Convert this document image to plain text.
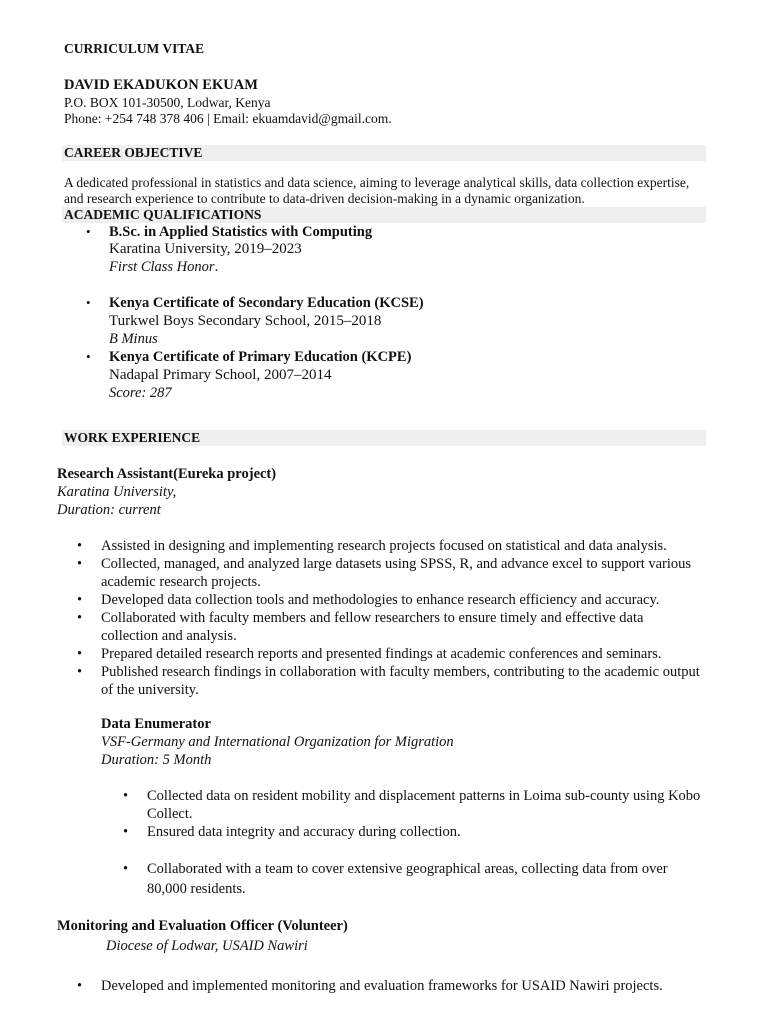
CURRICULUM VITAE
DAVID EKADUKON EKUAM
P.O. BOX 101-30500, Lodwar, Kenya
Phone: +254 748 378 406 | Email: ekuamdavid@gmail.com.
CAREER OBJECTIVE
A dedicated professional in statistics and data science, aiming to leverage analytical skills, data collection expertise,
and research experience to contribute to data-driven decision-making in a dynamic organization.
ACADEMIC QUALIFICATIONS
• B.Sc. in Applied Statistics with Computing
Karatina University, 2019–2023
First Class Honor.
• Kenya Certificate of Secondary Education (KCSE)
Turkwel Boys Secondary School, 2015–2018
B Minus
• Kenya Certificate of Primary Education (KCPE)
Nadapal Primary School, 2007–2014
Score: 287
WORK EXPERIENCE
Research Assistant(Eureka project)
Karatina University,
Duration: current
• Assisted in designing and implementing research projects focused on statistical and data analysis.
• Collected, managed, and analyzed large datasets using SPSS, R, and advance excel to support various academic research projects.
• Developed data collection tools and methodologies to enhance research efficiency and accuracy.
• Collaborated with faculty members and fellow researchers to ensure timely and effective data collection and analysis.
• Prepared detailed research reports and presented findings at academic conferences and seminars.
• Published research findings in collaboration with faculty members, contributing to the academic output of the university.
Data Enumerator
VSF-Germany and International Organization for Migration
Duration: 5 Month
• Collected data on resident mobility and displacement patterns in Loima sub-county using Kobo Collect.
• Ensured data integrity and accuracy during collection.
• Collaborated with a team to cover extensive geographical areas, collecting data from over 80,000 residents.
Monitoring and Evaluation Officer (Volunteer)
Diocese of Lodwar, USAID Nawiri
• Developed and implemented monitoring and evaluation frameworks for USAID Nawiri projects.
